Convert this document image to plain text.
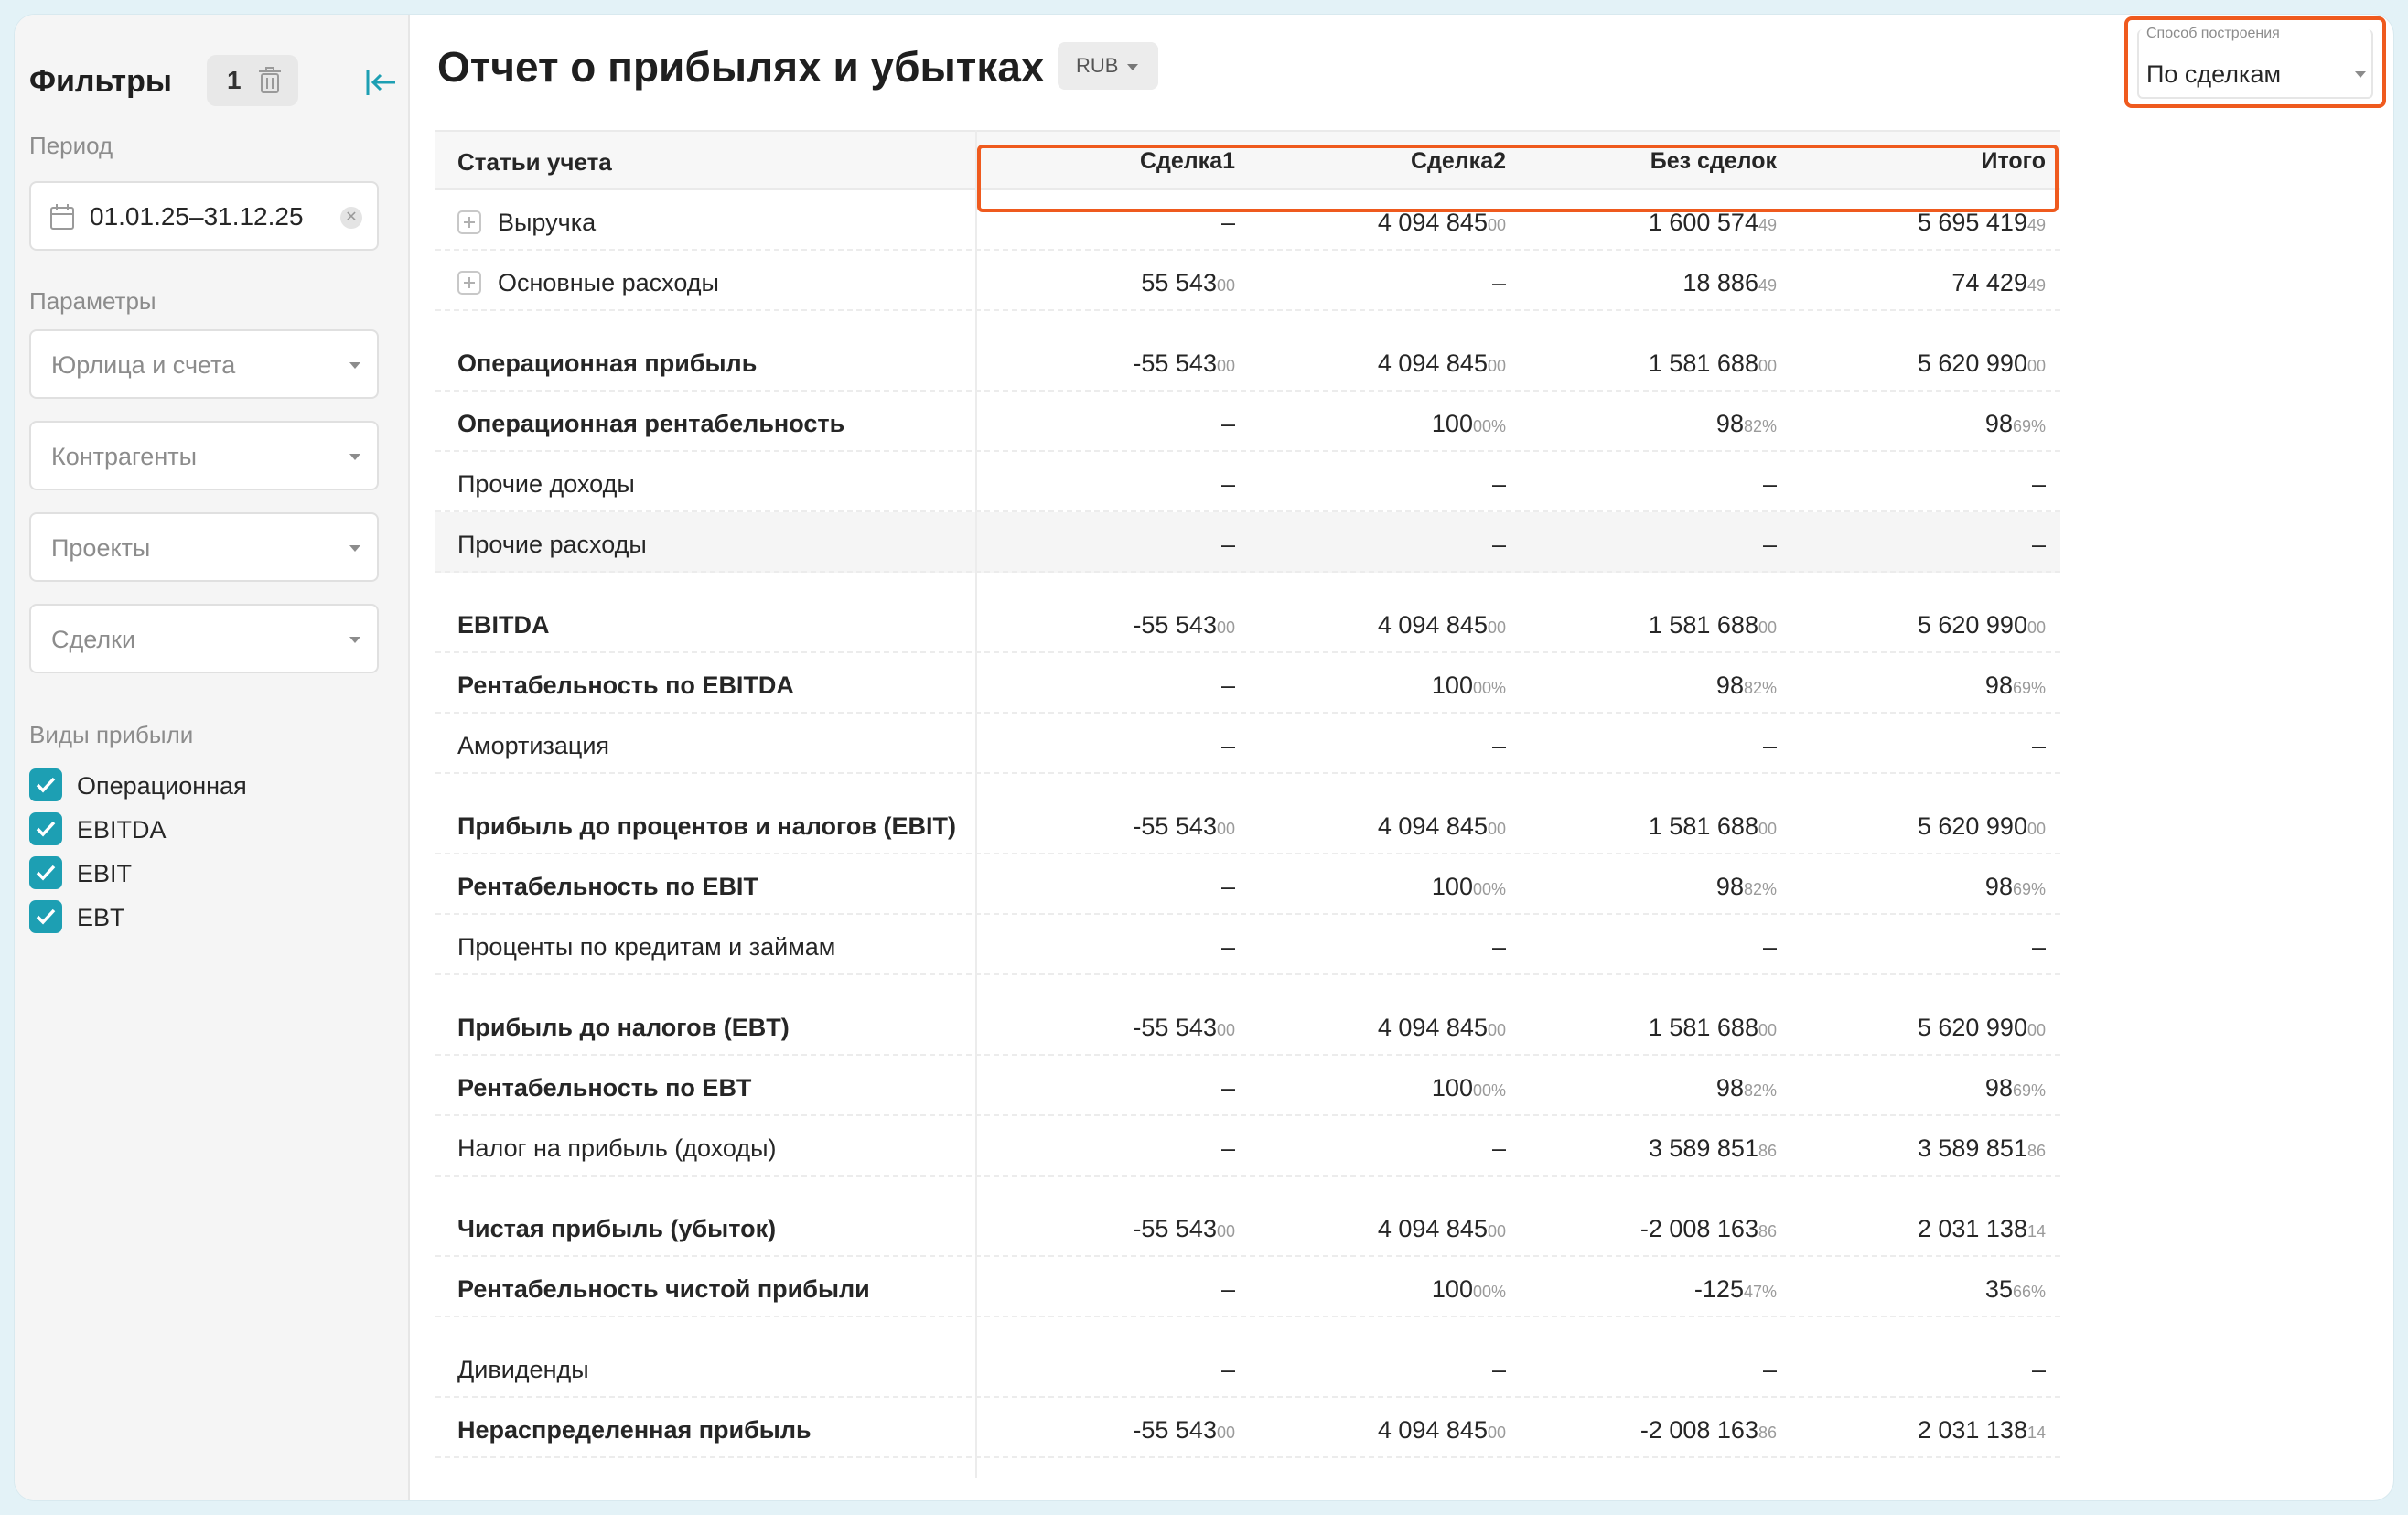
Фильтры 1
Период
01.01.25–31.12.25	✕
Параметры
Юрлица и счета
Контрагенты
Проекты
Сделки
Виды прибыли
Операционная
EBITDA
EBIT
EBT
Отчет о прибылях и убытках RUB
Способ построения
По сделкам
Статьи учета	Сделка1	Сделка2	Без сделок	Итого
Выручка	–	4 094 84500	1 600 57449	5 695 41949
Основные расходы	55 54300	–	18 88649	74 42949
Операционная прибыль	-55 54300	4 094 84500	1 581 68800	5 620 99000
Операционная рентабельность	–	10000%	9882%	9869%
Прочие доходы	–	–	–	–
Прочие расходы	–	–	–	–
EBITDA	-55 54300	4 094 84500	1 581 68800	5 620 99000
Рентабельность по EBITDA	–	10000%	9882%	9869%
Амортизация	–	–	–	–
Прибыль до процентов и налогов (EBIT)	-55 54300	4 094 84500	1 581 68800	5 620 99000
Рентабельность по EBIT	–	10000%	9882%	9869%
Проценты по кредитам и займам	–	–	–	–
Прибыль до налогов (EBT)	-55 54300	4 094 84500	1 581 68800	5 620 99000
Рентабельность по EBT	–	10000%	9882%	9869%
Налог на прибыль (доходы)	–	–	3 589 85186	3 589 85186
Чистая прибыль (убыток)	-55 54300	4 094 84500	-2 008 16386	2 031 13814
Рентабельность чистой прибыли	–	10000%	-12547%	3566%
Дивиденды	–	–	–	–
Нераспределенная прибыль	-55 54300	4 094 84500	-2 008 16386	2 031 13814
